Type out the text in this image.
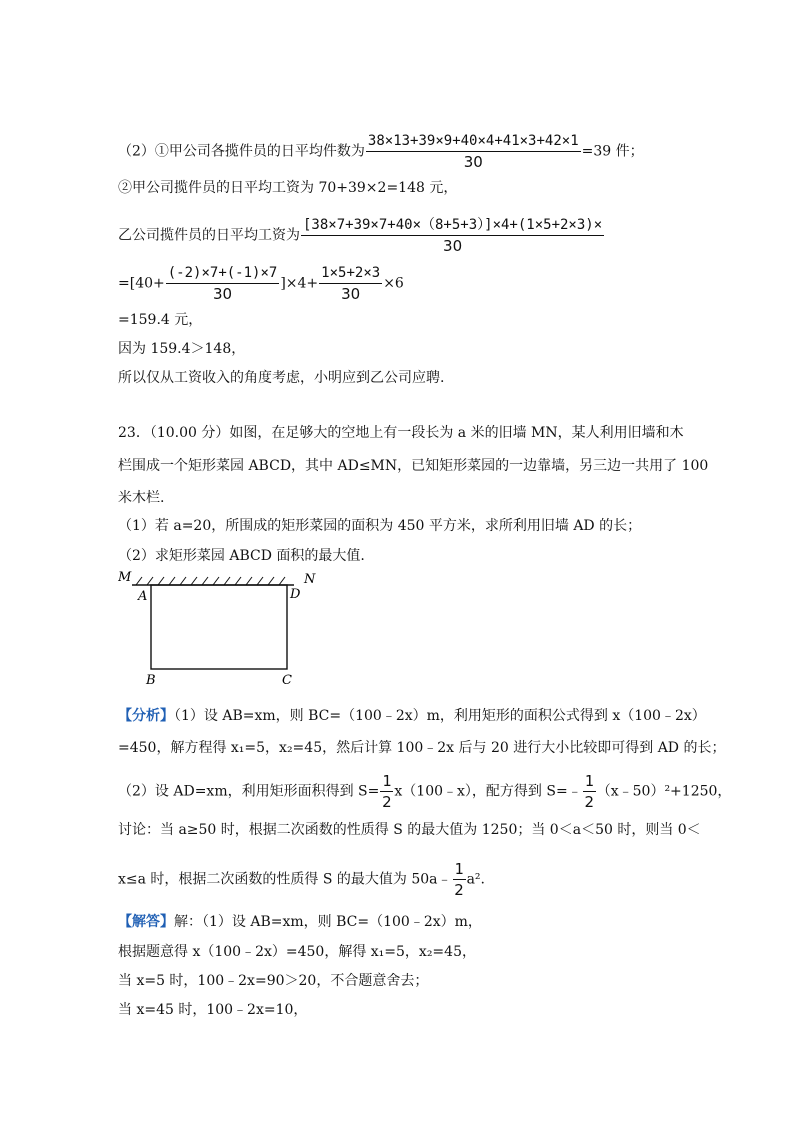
（2）①甲公司各揽件员的日平均件数为 $\frac{38\times 13+39\times 9+40\times 4+41\times 3+42\times 1}{30} =39$ 件；
②甲公司揽件员的日平均工资为 70+39×2=148 元，
乙公司揽件员的日平均工资为 $\frac{[38\times 7+39\times 7+40\times(8+5+3)]\times 4+(1\times 5+2\times 3)\times}{30}$
$=[40+ \frac{(-2)\times 7+(-1)\times 7}{30} ]\times 4+ \frac{1\times 5+2\times 3}{30} \times 6$
=159.4 元，
因为 159.4＞148，
所以仅从工资收入的角度考虑，小明应到乙公司应聘.
23．（10.00 分）如图，在足够大的空地上有一段长为 a 米的旧墙 MN，某人利用旧墙和木
栏围成一个矩形菜园 ABCD，其中 AD≤MN，已知矩形菜园的一边靠墙，另三边一共用了 100
米木栏.
（1）若 a=20，所围成的矩形菜园的面积为 450 平方米，求所利用旧墙 AD 的长；
（2）求矩形菜园 ABCD 面积的最大值.
M	N
A	D
B	C
【分析】（1）设 AB=xm，则 BC=（100﹣2x）m，利用矩形的面积公式得到 x（100﹣2x）
=450，解方程得 x₁=5，x₂=45，然后计算 100﹣2x 后与 20 进行大小比较即可得到 AD 的长；
（2）设 AD=xm，利用矩形面积得到 $S= \frac{1}{2}$ x（100﹣x），配方得到 S=﹣ $\frac{1}{2}$ （x﹣50）²+1250，
讨论：当 a≥50 时，根据二次函数的性质得 S 的最大值为 1250；当 0＜a＜50 时，则当 0＜
x≤a 时，根据二次函数的性质得 S 的最大值为 50a﹣ $\frac{1}{2} a^2$.
【解答】解：（1）设 AB=xm，则 BC=（100﹣2x）m，
根据题意得 x（100﹣2x）=450，解得 x₁=5，x₂=45，
当 x=5 时，100﹣2x=90＞20，不合题意舍去；
当 x=45 时，100﹣2x=10，
